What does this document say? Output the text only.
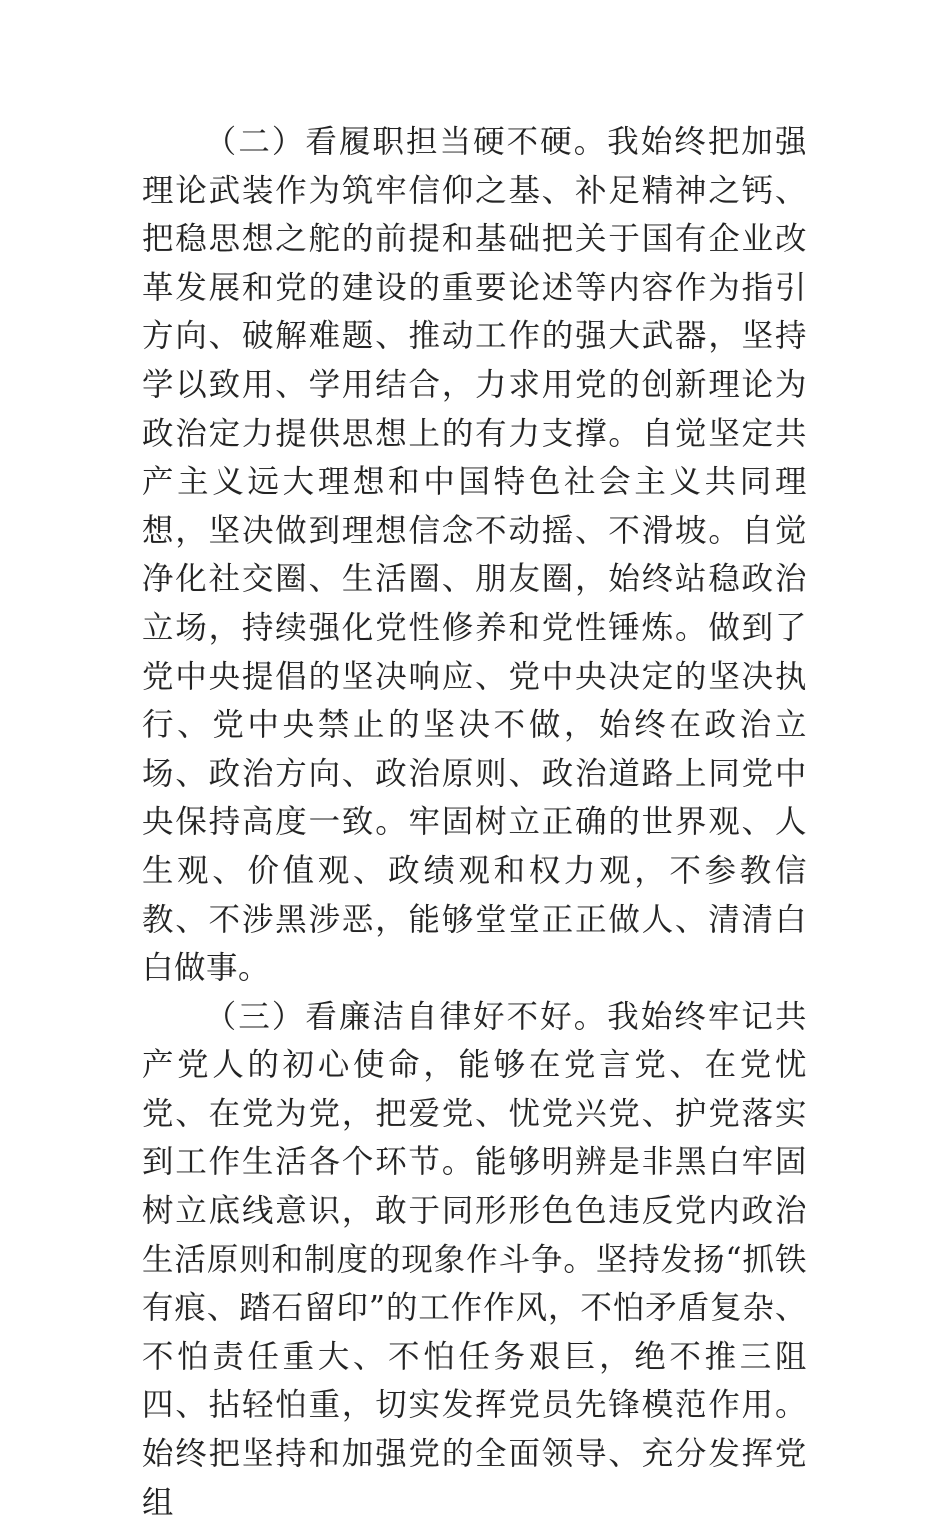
（二）看履职担当硬不硬。我始终把加强理论武装作为筑牢信仰之基、补足精神之钙、把稳思想之舵的前提和基础把关于国有企业改革发展和党的建设的重要论述等内容作为指引方向、破解难题、推动工作的强大武器，坚持学以致用、学用结合，力求用党的创新理论为政治定力提供思想上的有力支撑。自觉坚定共产主义远大理想和中国特色社会主义共同理想，坚决做到理想信念不动摇、不滑坡。自觉净化社交圈、生活圈、朋友圈，始终站稳政治立场，持续强化党性修养和党性锤炼。做到了党中央提倡的坚决响应、党中央决定的坚决执行、党中央禁止的坚决不做，始终在政治立场、政治方向、政治原则、政治道路上同党中央保持高度一致。牢固树立正确的世界观、人生观、价值观、政绩观和权力观，不参教信教、不涉黑涉恶，能够堂堂正正做人、清清白白做事。

（三）看廉洁自律好不好。我始终牢记共产党人的初心使命，能够在党言党、在党忧党、在党为党，把爱党、忧党兴党、护党落实到工作生活各个环节。能够明辨是非黑白牢固树立底线意识，敢于同形形色色违反党内政治生活原则和制度的现象作斗争。坚持发扬“抓铁有痕、踏石留印”的工作作风，不怕矛盾复杂、不怕责任重大、不怕任务艰巨，绝不推三阻四、拈轻怕重，切实发挥党员先锋模范作用。始终把坚持和加强党的全面领导、充分发挥党组
